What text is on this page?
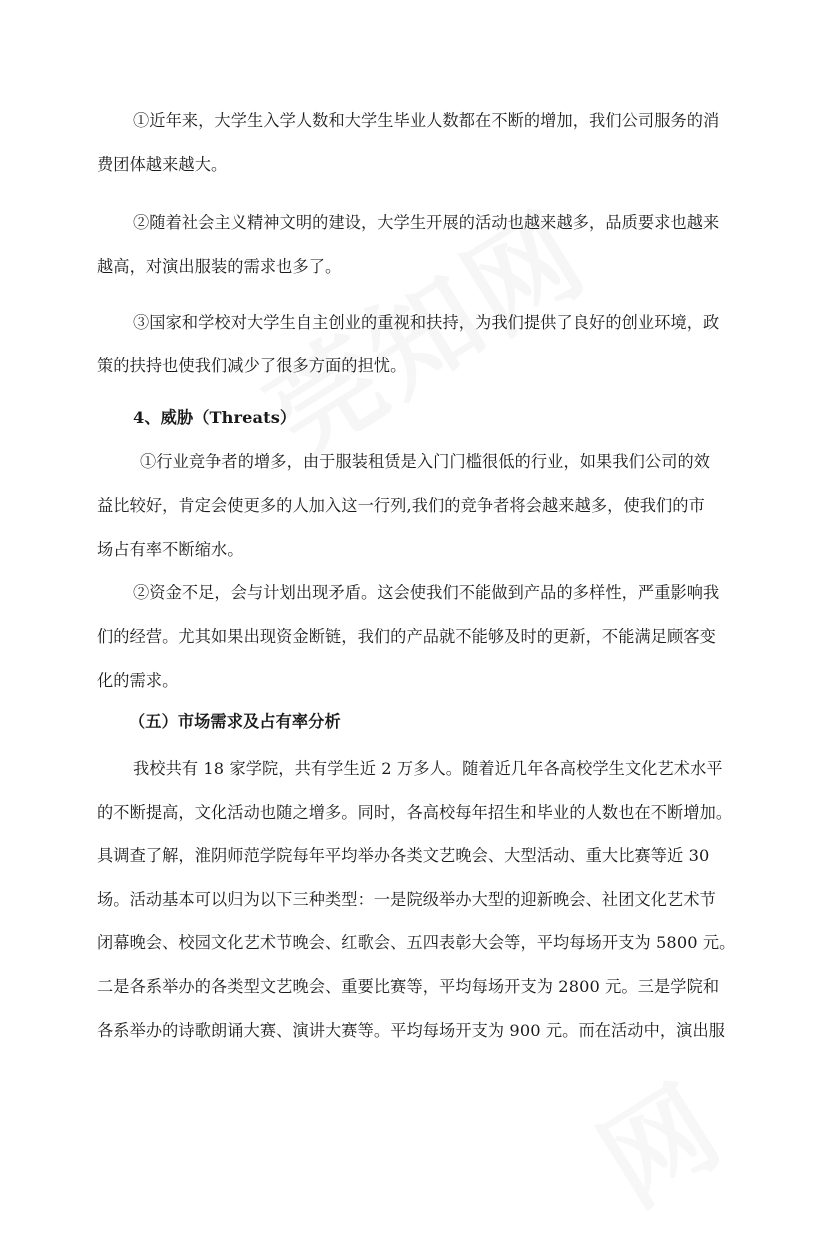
①近年来，大学生入学人数和大学生毕业人数都在不断的增加，我们公司服务的消
费团体越来越大。
②随着社会主义精神文明的建设，大学生开展的活动也越来越多，品质要求也越来
越高，对演出服装的需求也多了。
③国家和学校对大学生自主创业的重视和扶持，为我们提供了良好的创业环境，政
策的扶持也使我们减少了很多方面的担忧。
4、威胁（Threats）
①行业竞争者的增多，由于服装租赁是入门门槛很低的行业，如果我们公司的效
益比较好，肯定会使更多的人加入这一行列,我们的竞争者将会越来越多，使我们的市
场占有率不断缩水。
②资金不足，会与计划出现矛盾。这会使我们不能做到产品的多样性，严重影响我
们的经营。尤其如果出现资金断链，我们的产品就不能够及时的更新，不能满足顾客变
化的需求。
（五）市场需求及占有率分析
我校共有 18 家学院，共有学生近 2 万多人。随着近几年各高校学生文化艺术水平
的不断提高，文化活动也随之增多。同时，各高校每年招生和毕业的人数也在不断增加。
具调查了解，淮阴师范学院每年平均举办各类文艺晚会、大型活动、重大比赛等近 30
场。活动基本可以归为以下三种类型：一是院级举办大型的迎新晚会、社团文化艺术节
闭幕晚会、校园文化艺术节晚会、红歌会、五四表彰大会等，平均每场开支为 5800 元。
二是各系举办的各类型文艺晚会、重要比赛等，平均每场开支为 2800 元。三是学院和
各系举办的诗歌朗诵大赛、演讲大赛等。平均每场开支为 900 元。而在活动中，演出服
